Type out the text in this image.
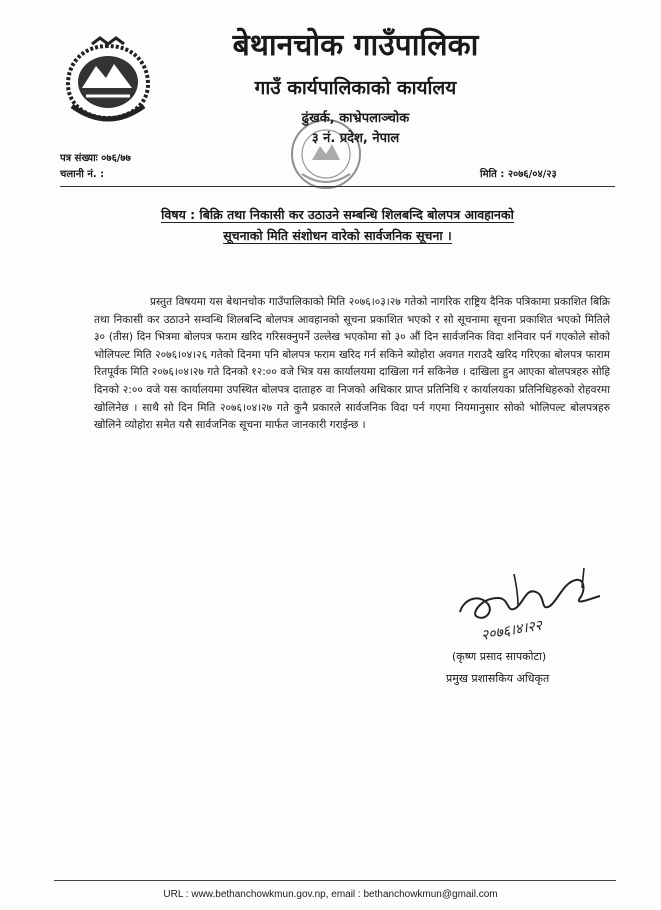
बेथानचोक गाउँपालिका
गाउँ कार्यपालिकाको कार्यालय
ढुंखर्क, काभ्रेपलाञ्चोक
३ नं. प्रदेश, नेपाल
पत्र संख्याः ०७६/७७
चलानी नं. :	मिति : २०७६/०४/२३
विषय : बिक्रि तथा निकासी कर उठाउने सम्बन्धि शिलबन्दि बोलपत्र आवहानको
सूचनाको मिति संशोधन वारेको सार्वजनिक सूचना ।
प्रस्तुत विषयमा यस बेथानचोक गाउँपालिकाको मिति २०७६।०३।२७ गतेको नागरिक राष्ट्रिय दैनिक पत्रिकामा प्रकाशित बिक्रि तथा निकासी कर उठाउने सम्वन्धि शिलबन्दि बोलपत्र आवहानको सूचना प्रकाशित भएको र सो सूचनामा सूचना प्रकाशित भएको मितिले ३० (तीस) दिन भित्रमा बोलपत्र फराम खरिद गरिसक्नुपर्ने उल्लेख भएकोमा सो ३० औं दिन सार्वजनिक विदा शनिवार पर्न गएकोले सोको भोलिपल्ट मिति २०७६।०४।२६ गतेको दिनमा पनि बोलपत्र फराम खरिद गर्न सकिने ब्योहोरा अवगत गराउदै खरिद गरिएका बोलपत्र फाराम रितपूर्वक मिति २०७६।०४।२७ गते दिनको १२:०० वजे भित्र यस कार्यालयमा दाखिला गर्न सकिनेछ । दाखिला हुन आएका बोलपत्रहरु सोहि दिनको २:०० वजे यस कार्यालयमा उपस्थित बोलपत्र दाताहरु वा निजको अधिकार प्राप्त प्रतिनिधि र कार्यालयका प्रतिनिधिहरुको रोहवरमा खोलिनेछ । साथै सो दिन मिति २०७६।०४।२७ गते कुनै प्रकारले सार्वजनिक विदा पर्न गएमा नियमानुसार सोको भोलिपल्ट बोलपत्रहरु खोलिने व्योहोरा समेत यसै सार्वजनिक सूचना मार्फत जानकारी गराईन्छ ।
२०७६।४।२२
(कृष्ण प्रसाद सापकोटा)
प्रमुख प्रशासकिय अधिकृत
URL : www.bethanchowkmun.gov.np, email : bethanchowkmun@gmail.com
